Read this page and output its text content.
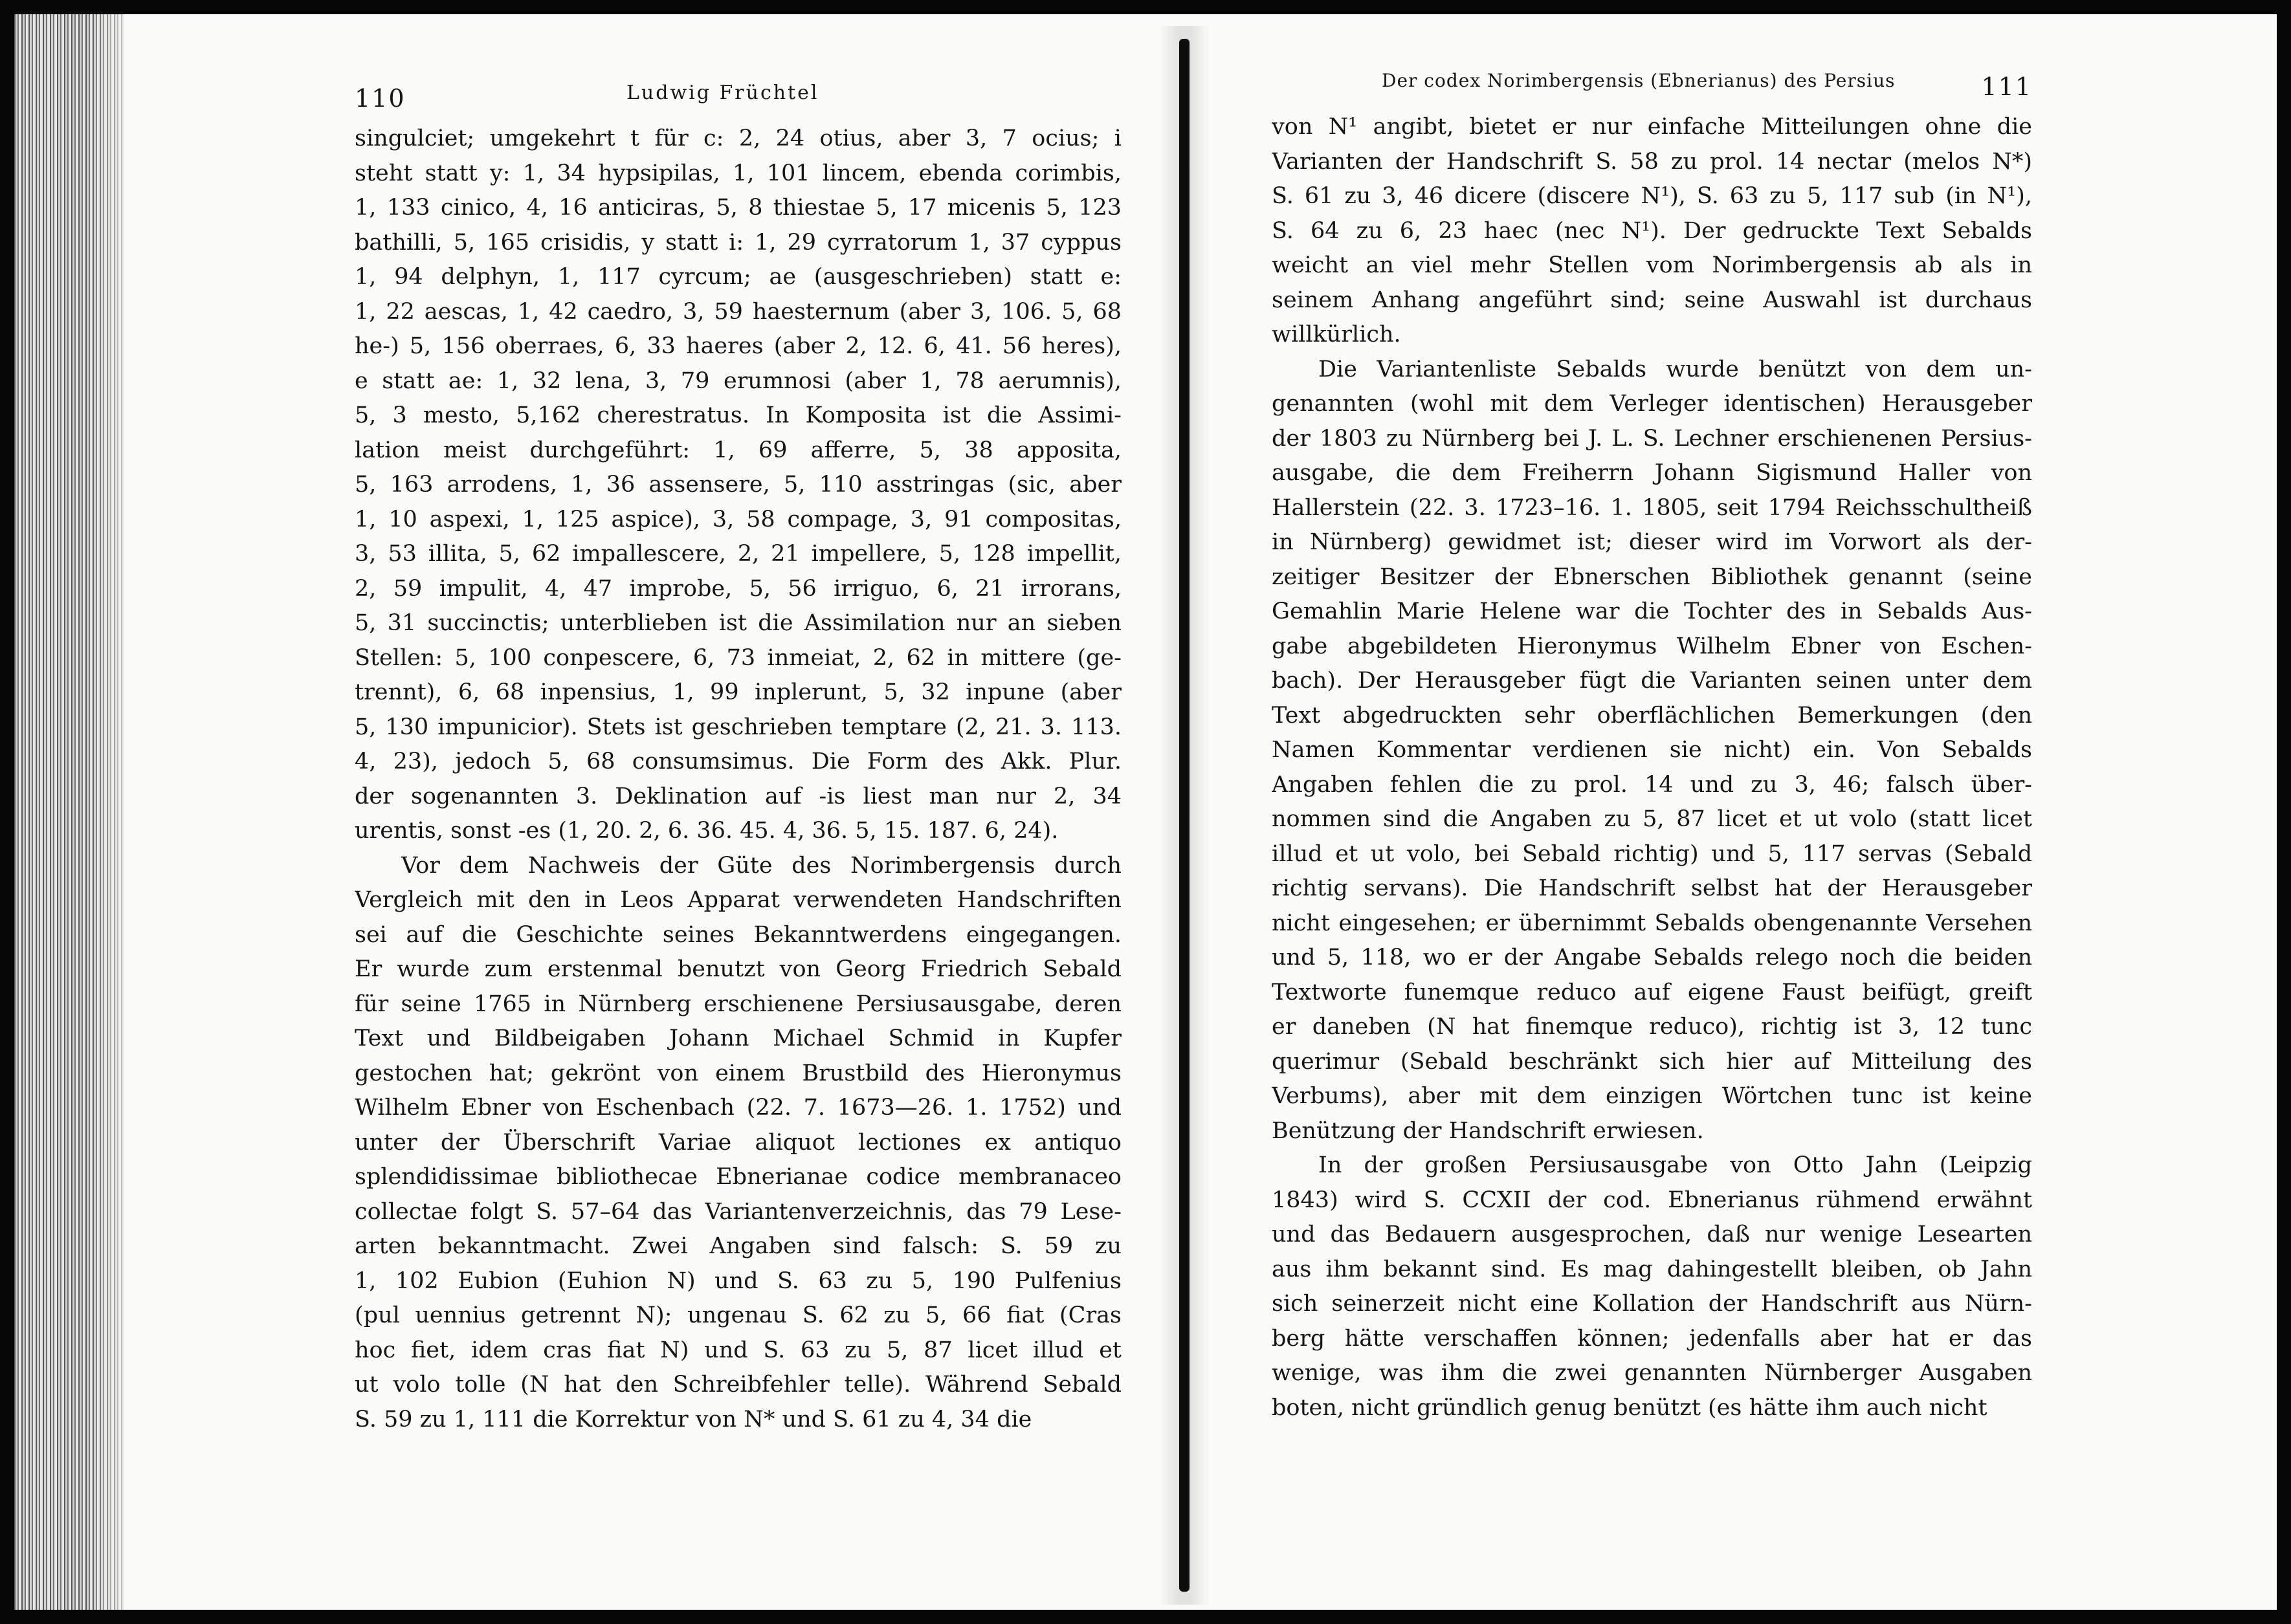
110	Ludwig Früchtel

singulciet; umgekehrt t für c: 2, 24 otius, aber 3, 7 ocius; i
steht statt y: 1, 34 hypsipilas, 1, 101 lincem, ebenda corimbis,
1, 133 cinico, 4, 16 anticiras, 5, 8 thiestae 5, 17 micenis 5, 123
bathilli, 5, 165 crisidis, y statt i: 1, 29 cyrratorum 1, 37 cyppus
1, 94 delphyn, 1, 117 cyrcum; ae (ausgeschrieben) statt e:
1, 22 aescas, 1, 42 caedro, 3, 59 haesternum (aber 3, 106. 5, 68
he-) 5, 156 oberraes, 6, 33 haeres (aber 2, 12. 6, 41. 56 heres),
e statt ae: 1, 32 lena, 3, 79 erumnosi (aber 1, 78 aerumnis),
5, 3 mesto, 5,162 cherestratus. In Komposita ist die Assimi-
lation meist durchgeführt: 1, 69 afferre, 5, 38 apposita,
5, 163 arrodens, 1, 36 assensere, 5, 110 asstringas (sic, aber
1, 10 aspexi, 1, 125 aspice), 3, 58 compage, 3, 91 compositas,
3, 53 illita, 5, 62 impallescere, 2, 21 impellere, 5, 128 impellit,
2, 59 impulit, 4, 47 improbe, 5, 56 irriguo, 6, 21 irrorans,
5, 31 succinctis; unterblieben ist die Assimilation nur an sieben
Stellen: 5, 100 conpescere, 6, 73 inmeiat, 2, 62 in mittere (ge-
trennt), 6, 68 inpensius, 1, 99 inplerunt, 5, 32 inpune (aber
5, 130 impunicior). Stets ist geschrieben temptare (2, 21. 3. 113.
4, 23), jedoch 5, 68 consumsimus. Die Form des Akk. Plur.
der sogenannten 3. Deklination auf -is liest man nur 2, 34
urentis, sonst -es (1, 20. 2, 6. 36. 45. 4, 36. 5, 15. 187. 6, 24).

Vor dem Nachweis der Güte des Norimbergensis durch
Vergleich mit den in Leos Apparat verwendeten Handschriften
sei auf die Geschichte seines Bekanntwerdens eingegangen.
Er wurde zum erstenmal benutzt von Georg Friedrich Sebald
für seine 1765 in Nürnberg erschienene Persiusausgabe, deren
Text und Bildbeigaben Johann Michael Schmid in Kupfer
gestochen hat; gekrönt von einem Brustbild des Hieronymus
Wilhelm Ebner von Eschenbach (22. 7. 1673—26. 1. 1752) und
unter der Überschrift Variae aliquot lectiones ex antiquo
splendidissimae bibliothecae Ebnerianae codice membranaceo
collectae folgt S. 57–64 das Variantenverzeichnis, das 79 Lese-
arten bekanntmacht. Zwei Angaben sind falsch: S. 59 zu
1, 102 Eubion (Euhion N) und S. 63 zu 5, 190 Pulfenius
(pul uennius getrennt N); ungenau S. 62 zu 5, 66 fiat (Cras
hoc fiet, idem cras fiat N) und S. 63 zu 5, 87 licet illud et
ut volo tolle (N hat den Schreibfehler telle). Während Sebald
S. 59 zu 1, 111 die Korrektur von N* und S. 61 zu 4, 34 die

Der codex Norimbergensis (Ebnerianus) des Persius	111

von N¹ angibt, bietet er nur einfache Mitteilungen ohne die
Varianten der Handschrift S. 58 zu prol. 14 nectar (melos N*)
S. 61 zu 3, 46 dicere (discere N¹), S. 63 zu 5, 117 sub (in N¹),
S. 64 zu 6, 23 haec (nec N¹). Der gedruckte Text Sebalds
weicht an viel mehr Stellen vom Norimbergensis ab als in
seinem Anhang angeführt sind; seine Auswahl ist durchaus
willkürlich.

Die Variantenliste Sebalds wurde benützt von dem un-
genannten (wohl mit dem Verleger identischen) Herausgeber
der 1803 zu Nürnberg bei J. L. S. Lechner erschienenen Persius-
ausgabe, die dem Freiherrn Johann Sigismund Haller von
Hallerstein (22. 3. 1723–16. 1. 1805, seit 1794 Reichsschultheiß
in Nürnberg) gewidmet ist; dieser wird im Vorwort als der-
zeitiger Besitzer der Ebnerschen Bibliothek genannt (seine
Gemahlin Marie Helene war die Tochter des in Sebalds Aus-
gabe abgebildeten Hieronymus Wilhelm Ebner von Eschen-
bach). Der Herausgeber fügt die Varianten seinen unter dem
Text abgedruckten sehr oberflächlichen Bemerkungen (den
Namen Kommentar verdienen sie nicht) ein. Von Sebalds
Angaben fehlen die zu prol. 14 und zu 3, 46; falsch über-
nommen sind die Angaben zu 5, 87 licet et ut volo (statt licet
illud et ut volo, bei Sebald richtig) und 5, 117 servas (Sebald
richtig servans). Die Handschrift selbst hat der Herausgeber
nicht eingesehen; er übernimmt Sebalds obengenannte Versehen
und 5, 118, wo er der Angabe Sebalds relego noch die beiden
Textworte funemque reduco auf eigene Faust beifügt, greift
er daneben (N hat finemque reduco), richtig ist 3, 12 tunc
querimur (Sebald beschränkt sich hier auf Mitteilung des
Verbums), aber mit dem einzigen Wörtchen tunc ist keine
Benützung der Handschrift erwiesen.

In der großen Persiusausgabe von Otto Jahn (Leipzig
1843) wird S. CCXII der cod. Ebnerianus rühmend erwähnt
und das Bedauern ausgesprochen, daß nur wenige Lesearten
aus ihm bekannt sind. Es mag dahingestellt bleiben, ob Jahn
sich seinerzeit nicht eine Kollation der Handschrift aus Nürn-
berg hätte verschaffen können; jedenfalls aber hat er das
wenige, was ihm die zwei genannten Nürnberger Ausgaben
boten, nicht gründlich genug benützt (es hätte ihm auch nicht
